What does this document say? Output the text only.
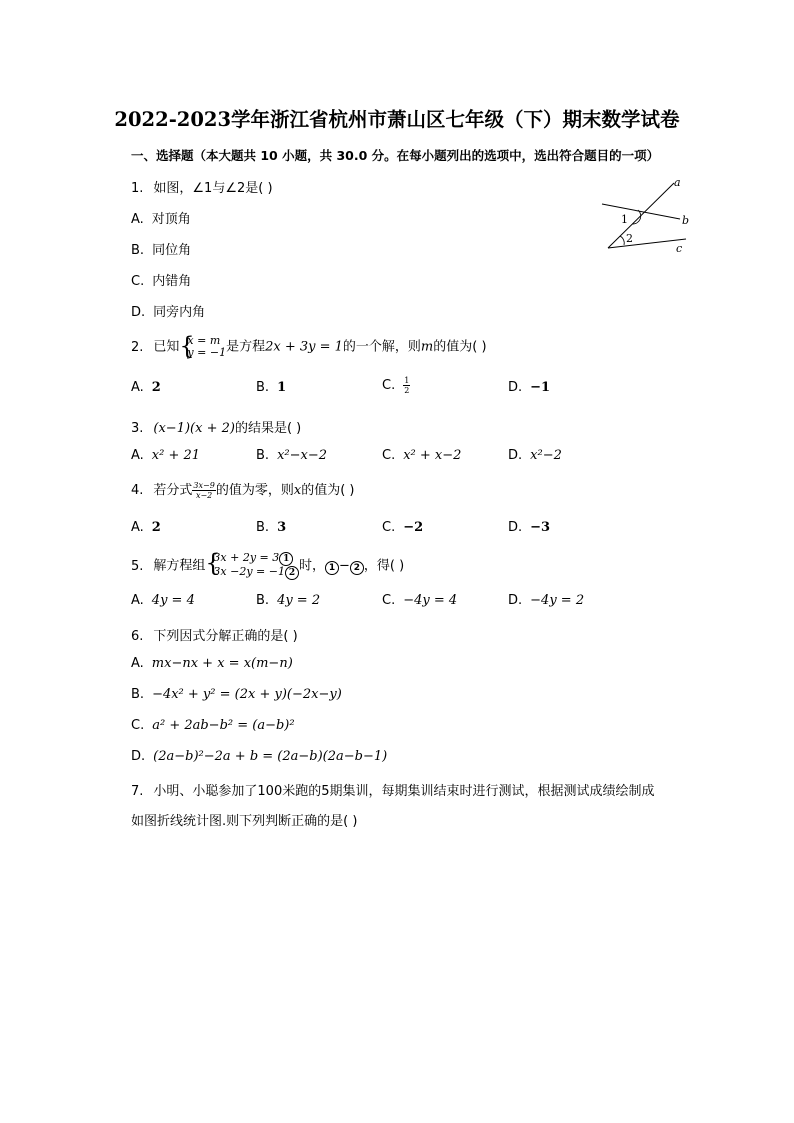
2022-2023学年浙江省杭州市萧山区七年级（下）期末数学试卷
一、选择题（本大题共 10 小题，共 30.0 分。在每小题列出的选项中，选出符合题目的一项）
1. 如图，∠1与∠2是( )
A. 对顶角
B. 同位角
C. 内错角
D. 同旁内角
a
b
c
1
2
2. 已知 {
x = m
y = −1 是方程2x + 3y = 1的一个解，则m的值为( )
A. 2	B. 1	C. $\frac{1}{2}$	D. −1
3. (x−1)(x + 2)的结果是( )
A. x² + 21	B. x²−x−2	C. x² + x−2	D. x²−2
4. 若分式 $\frac{3x-9}{x-2}$ 的值为零，则x的值为( )
A. 2	B. 3	C. −2	D. −3
5. 解方程组 {
3x + 2y = 3 1
3x −2y = −1 2 时， 1 − 2 ，得( )
A. 4y = 4	B. 4y = 2	C. −4y = 4	D. −4y = 2
6. 下列因式分解正确的是( )
A. mx−nx + x = x(m−n)
B. −4x² + y² = (2x + y)(−2x−y)
C. a² + 2ab−b² = (a−b)²
D. (2a−b)²−2a + b = (2a−b)(2a−b−1)
7. 小明、小聪参加了100米跑的5期集训，每期集训结束时进行测试，根据测试成绩绘制成
如图折线统计图.则下列判断正确的是( )
